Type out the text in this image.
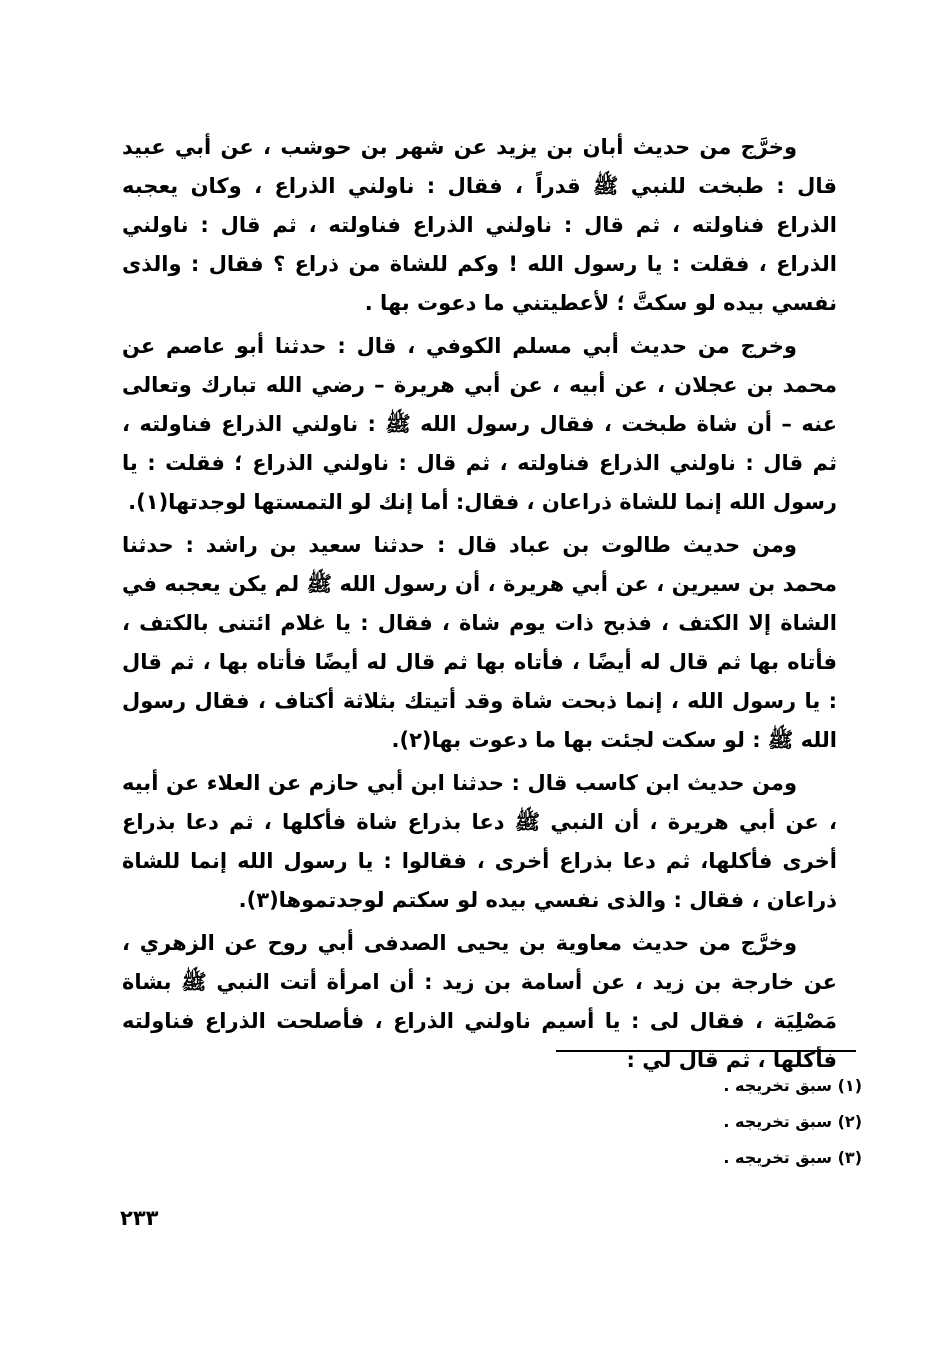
وخرَّج من حديث أبان بن يزيد عن شهر بن حوشب ، عن أبي عبيد قال : طبخت للنبي ﷺ قدراً ، فقال : ناولني الذراع ، وكان يعجبه الذراع فناولته ، ثم قال : ناولني الذراع فناولته ، ثم قال : ناولني الذراع ، فقلت : يا رسول الله ! وكم للشاة من ذراع ؟ فقال : والذى نفسي بيده لو سكتَّ ؛ لأعطيتني ما دعوت بها .

وخرج من حديث أبي مسلم الكوفي ، قال : حدثنا أبو عاصم عن محمد بن عجلان ، عن أبيه ، عن أبي هريرة – رضي الله تبارك وتعالى عنه – أن شاة طبخت ، فقال رسول الله ﷺ : ناولني الذراع فناولته ، ثم قال : ناولني الذراع فناولته ، ثم قال : ناولني الذراع ؛ فقلت : يا رسول الله إنما للشاة ذراعان ، فقال: أما إنك لو التمستها لوجدتها(١).

ومن حديث طالوت بن عباد قال : حدثنا سعيد بن راشد : حدثنا محمد بن سيرين ، عن أبي هريرة ، أن رسول الله ﷺ لم يكن يعجبه في الشاة إلا الكتف ، فذبح ذات يوم شاة ، فقال : يا غلام ائتنى بالكتف ، فأتاه بها ثم قال له أيضًا ، فأتاه بها ثم قال له أيضًا فأتاه بها ، ثم قال : يا رسول الله ، إنما ذبحت شاة وقد أتيتك بثلاثة أكتاف ، فقال رسول الله ﷺ : لو سكت لجئت بها ما دعوت بها(٢).

ومن حديث ابن كاسب قال : حدثنا ابن أبي حازم عن العلاء عن أبيه ، عن أبي هريرة ، أن النبي ﷺ دعا بذراع شاة فأكلها ، ثم دعا بذراع أخرى فأكلها، ثم دعا بذراع أخرى ، فقالوا : يا رسول الله إنما للشاة ذراعان ، فقال : والذى نفسي بيده لو سكتم لوجدتموها(٣).

وخرَّج من حديث معاوية بن يحيى الصدفى أبي روح عن الزهري ، عن خارجة بن زيد ، عن أسامة بن زيد : أن امرأة أتت النبي ﷺ بشاة مَصْلِيَة ، فقال لى : يا أسيم ناولني الذراع ، فأصلحت الذراع فناولته فأكلها ، ثم قال لي :

(١) سبق تخريجه .
(٢) سبق تخريجه .
(٣) سبق تخريجه .
٢٣٣
